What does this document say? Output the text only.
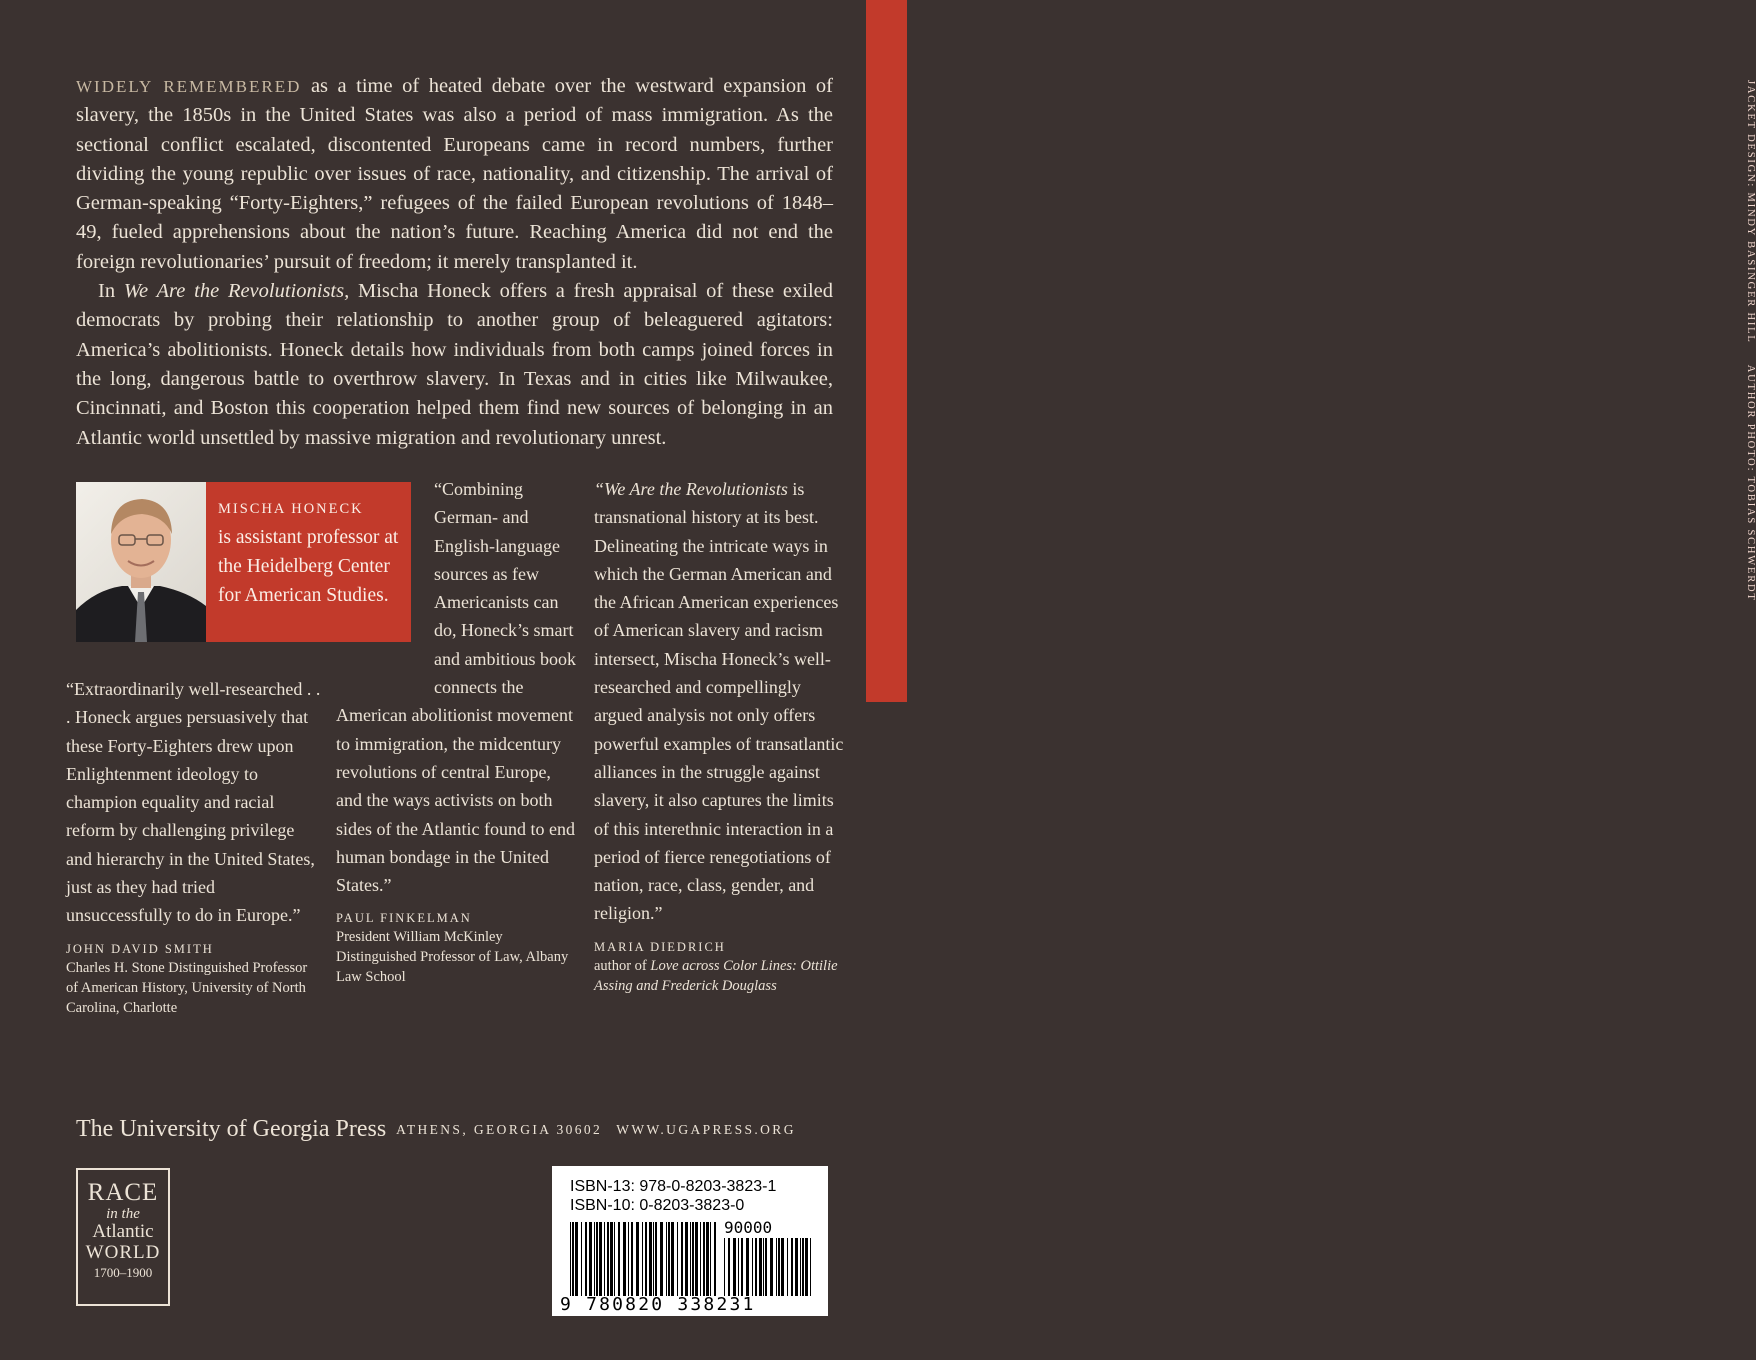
JACKET DESIGN: MINDY BASINGER HILL     AUTHOR PHOTO: TOBIAS SCHWERDT

WIDELY REMEMBERED as a time of heated debate over the westward expansion of slavery, the 1850s in the United States was also a period of mass immigration. As the sectional conflict escalated, discontented Europeans came in record numbers, further dividing the young republic over issues of race, nationality, and citizenship. The arrival of German-speaking “Forty-Eighters,” refugees of the failed European revolutions of 1848–49, fueled apprehensions about the nation’s future. Reaching America did not end the foreign revolutionaries’ pursuit of freedom; it merely transplanted it.

In We Are the Revolutionists, Mischa Honeck offers a fresh appraisal of these exiled democrats by probing their relationship to another group of beleaguered agitators: America’s abolitionists. Honeck details how individuals from both camps joined forces in the long, dangerous battle to overthrow slavery. In Texas and in cities like Milwaukee, Cincinnati, and Boston this cooperation helped them find new sources of belonging in an Atlantic world unsettled by massive migration and revolutionary unrest.

MISCHA HONECK
is assistant professor at the Heidelberg Center for American Studies.
“Extraordinarily well-researched . . . Honeck argues persuasively that these Forty-Eighters drew upon Enlightenment ideology to champion equality and racial reform by challenging privilege and hierarchy in the United States, just as they had tried unsuccessfully to do in Europe.”
JOHN DAVID SMITH
Charles H. Stone Distinguished Professor of American History, University of North Carolina, Charlotte
“Combining German- and English-language sources as few Americanists can do, Honeck’s smart and ambitious book connects the American abolitionist movement to immigration, the midcentury revolutions of central Europe, and the ways activists on both sides of the Atlantic found to end human bondage in the United States.”
PAUL FINKELMAN
President William McKinley Distinguished Professor of Law, Albany Law School
“We Are the Revolutionists is transnational history at its best. Delineating the intricate ways in which the German American and the African American experiences of American slavery and racism intersect, Mischa Honeck’s well-researched and compellingly argued analysis not only offers powerful examples of transatlantic alliances in the struggle against slavery, it also captures the limits of this interethnic interaction in a period of fierce renegotiations of nation, race, class, gender, and religion.”
MARIA DIEDRICH
author of Love across Color Lines: Ottilie Assing and Frederick Douglass
The University of Georgia Press ATHENS, GEORGIA 30602 WWW.UGAPRESS.ORG
RACE
in the
Atlantic
WORLD
1700–1900
ISBN-13: 978-0-8203-3823-1
ISBN-10: 0-8203-3823-0
90000
9 780820 338231
